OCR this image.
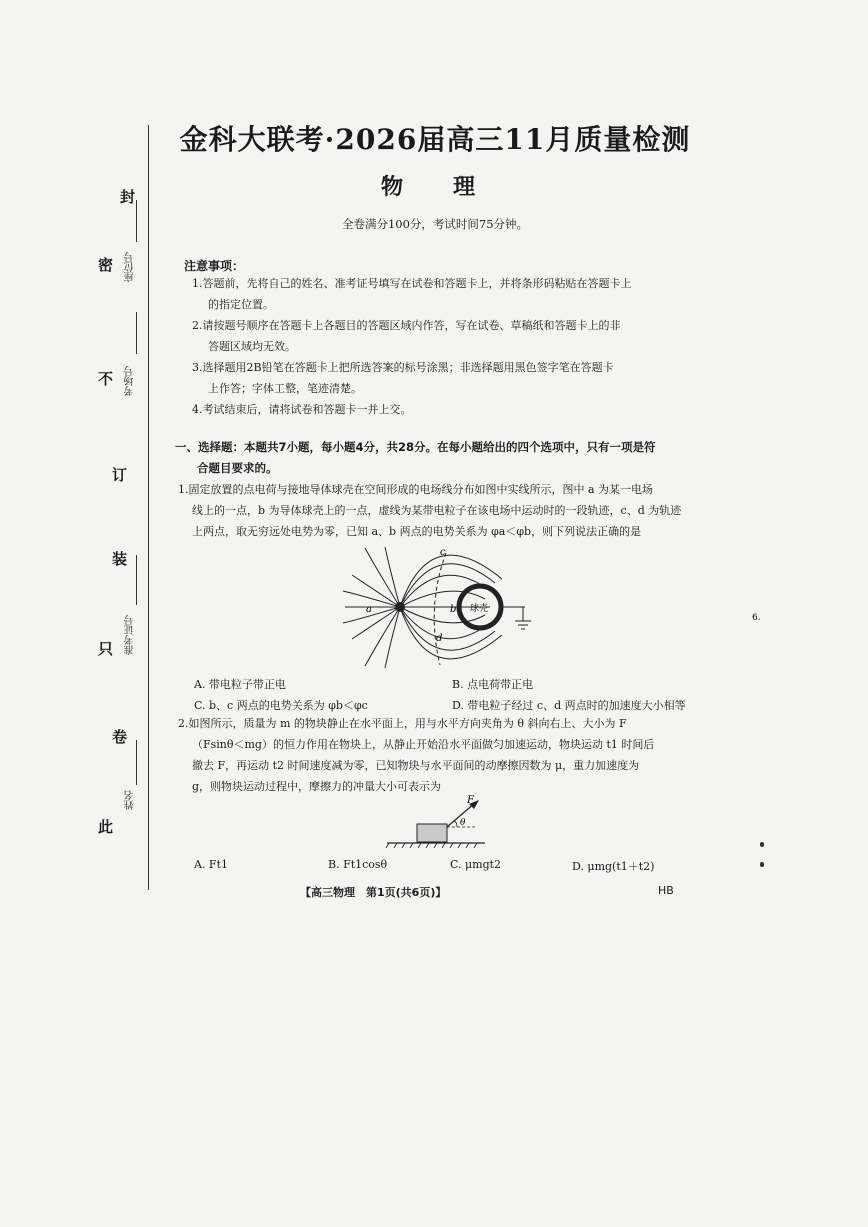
封
密
不
订
装
只
卷
此
座位号
考场号
准考证号
姓名
金科大联考·2026届高三11月质量检测
物　理
全卷满分100分，考试时间75分钟。
注意事项：
1.答题前，先将自己的姓名、准考证号填写在试卷和答题卡上，并将条形码粘贴在答题卡上
的指定位置。
2.请按题号顺序在答题卡上各题目的答题区域内作答，写在试卷、草稿纸和答题卡上的非
答题区域均无效。
3.选择题用2B铅笔在答题卡上把所选答案的标号涂黑；非选择题用黑色签字笔在答题卡
上作答；字体工整，笔迹清楚。
4.考试结束后，请将试卷和答题卡一并上交。
一、选择题：本题共7小题，每小题4分，共28分。在每小题给出的四个选项中，只有一项是符
合题目要求的。
1.固定放置的点电荷与接地导体球壳在空间形成的电场线分布如图中实线所示，图中 a 为某一电场
线上的一点，b 为导体球壳上的一点，虚线为某带电粒子在该电场中运动时的一段轨迹，c、d 为轨迹
上两点，取无穷远处电势为零，已知 a、b 两点的电势关系为 φa＜φb，则下列说法正确的是
a	b
c
d
球壳
A. 带电粒子带正电	B. 点电荷带正电
C. b、c 两点的电势关系为 φb＜φc	D. 带电粒子经过 c、d 两点时的加速度大小相等
2.如图所示，质量为 m 的物块静止在水平面上，用与水平方向夹角为 θ 斜向右上、大小为 F
（Fsinθ＜mg）的恒力作用在物块上，从静止开始沿水平面做匀加速运动，物块运动 t1 时间后
撤去 F，再运动 t2 时间速度减为零，已知物块与水平面间的动摩擦因数为 μ，重力加速度为
g，则物块运动过程中，摩擦力的冲量大小可表示为
F
θ
A. Ft1	B. Ft1cosθ	C. μmgt2	D. μmg(t1＋t2)
【高三物理　第1页(共6页)】	HB
6.
